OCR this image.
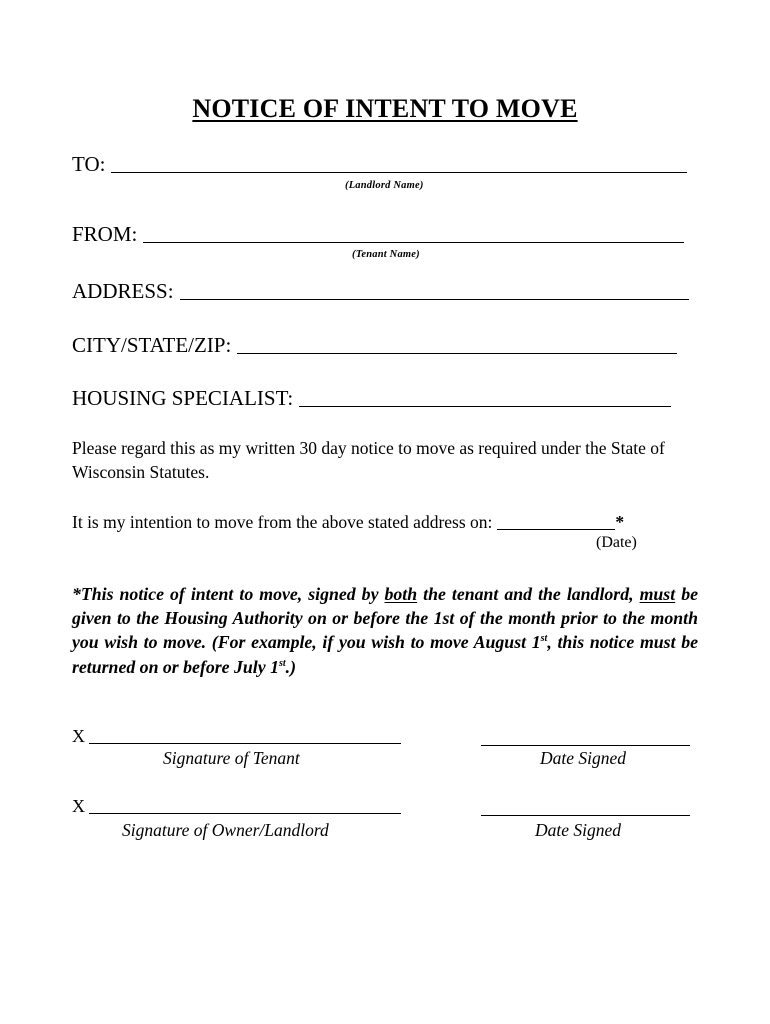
NOTICE OF INTENT TO MOVE
TO:
(Landlord Name)
FROM:
(Tenant Name)
ADDRESS:
CITY/STATE/ZIP:
HOUSING SPECIALIST:
Please regard this as my written 30 day notice to move as required under the State of Wisconsin Statutes.
It is my intention to move from the above stated address on:	*
(Date)
*This notice of intent to move, signed by both the tenant and the landlord, must be given to the Housing Authority on or before the 1st of the month prior to the month you wish to move. (For example, if you wish to move August 1st, this notice must be returned on or before July 1st.)
X
Signature of Tenant	Date Signed
X
Signature of Owner/Landlord	Date Signed
